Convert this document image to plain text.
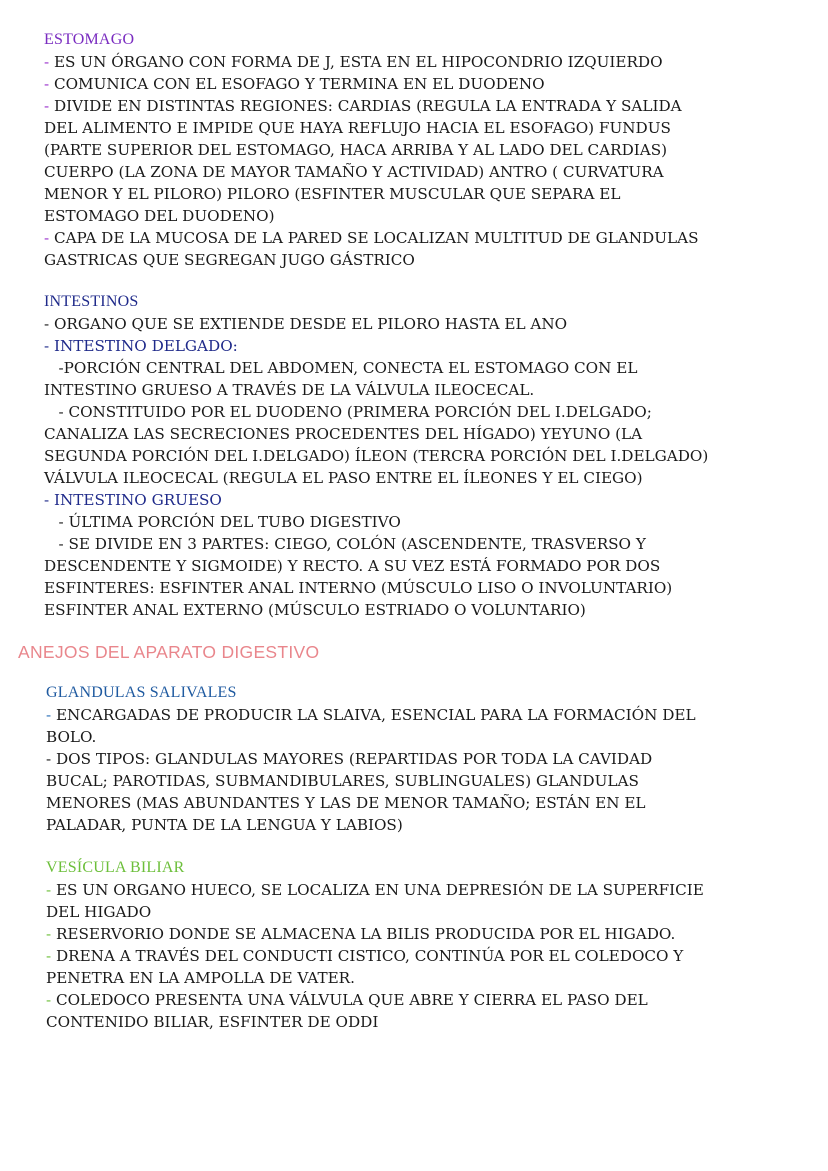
ESTOMAGO
- ES UN ÓRGANO CON FORMA DE J, ESTA EN EL HIPOCONDRIO IZQUIERDO
- COMUNICA CON EL ESOFAGO Y TERMINA EN EL DUODENO
- DIVIDE EN DISTINTAS REGIONES: CARDIAS (REGULA LA ENTRADA Y SALIDA
DEL ALIMENTO E IMPIDE QUE HAYA REFLUJO HACIA EL ESOFAGO) FUNDUS
(PARTE SUPERIOR DEL ESTOMAGO, HACA ARRIBA Y AL LADO DEL CARDIAS)
CUERPO (LA ZONA DE MAYOR TAMAÑO Y ACTIVIDAD) ANTRO ( CURVATURA
MENOR Y EL PILORO) PILORO (ESFINTER MUSCULAR QUE SEPARA EL
ESTOMAGO DEL DUODENO)
- CAPA DE LA MUCOSA DE LA PARED SE LOCALIZAN MULTITUD DE GLANDULAS
GASTRICAS QUE SEGREGAN JUGO GÁSTRICO
INTESTINOS
- ORGANO QUE SE EXTIENDE DESDE EL PILORO HASTA EL ANO
- INTESTINO DELGADO:
-PORCIÓN CENTRAL DEL ABDOMEN, CONECTA EL ESTOMAGO CON EL
INTESTINO GRUESO A TRAVÉS DE LA VÁLVULA ILEOCECAL.
- CONSTITUIDO POR EL DUODENO (PRIMERA PORCIÓN DEL I.DELGADO;
CANALIZA LAS SECRECIONES PROCEDENTES DEL HÍGADO) YEYUNO (LA
SEGUNDA PORCIÓN DEL I.DELGADO) ÍLEON (TERCRA PORCIÓN DEL I.DELGADO)
VÁLVULA ILEOCECAL (REGULA EL PASO ENTRE EL ÍLEONES Y EL CIEGO)
- INTESTINO GRUESO
- ÚLTIMA PORCIÓN DEL TUBO DIGESTIVO
- SE DIVIDE EN 3 PARTES: CIEGO, COLÓN (ASCENDENTE, TRASVERSO Y
DESCENDENTE Y SIGMOIDE) Y RECTO. A SU VEZ ESTÁ FORMADO POR DOS
ESFINTERES: ESFINTER ANAL INTERNO (MÚSCULO LISO O INVOLUNTARIO)
ESFINTER ANAL EXTERNO (MÚSCULO ESTRIADO O VOLUNTARIO)
ANEJOS DEL APARATO DIGESTIVO
GLANDULAS SALIVALES
- ENCARGADAS DE PRODUCIR LA SLAIVA, ESENCIAL PARA LA FORMACIÓN DEL
BOLO.
- DOS TIPOS: GLANDULAS MAYORES (REPARTIDAS POR TODA LA CAVIDAD
BUCAL; PAROTIDAS, SUBMANDIBULARES, SUBLINGUALES) GLANDULAS
MENORES (MAS ABUNDANTES Y LAS DE MENOR TAMAÑO; ESTÁN EN EL
PALADAR, PUNTA DE LA LENGUA Y LABIOS)
VESÍCULA BILIAR
- ES UN ORGANO HUECO, SE LOCALIZA EN UNA DEPRESIÓN DE LA SUPERFICIE
DEL HIGADO
- RESERVORIO DONDE SE ALMACENA LA BILIS PRODUCIDA POR EL HIGADO.
- DRENA A TRAVÉS DEL CONDUCTI CISTICO, CONTINÚA POR EL COLEDOCO Y
PENETRA EN LA AMPOLLA DE VATER.
- COLEDOCO PRESENTA UNA VÁLVULA QUE ABRE Y CIERRA EL PASO DEL
CONTENIDO BILIAR, ESFINTER DE ODDI
